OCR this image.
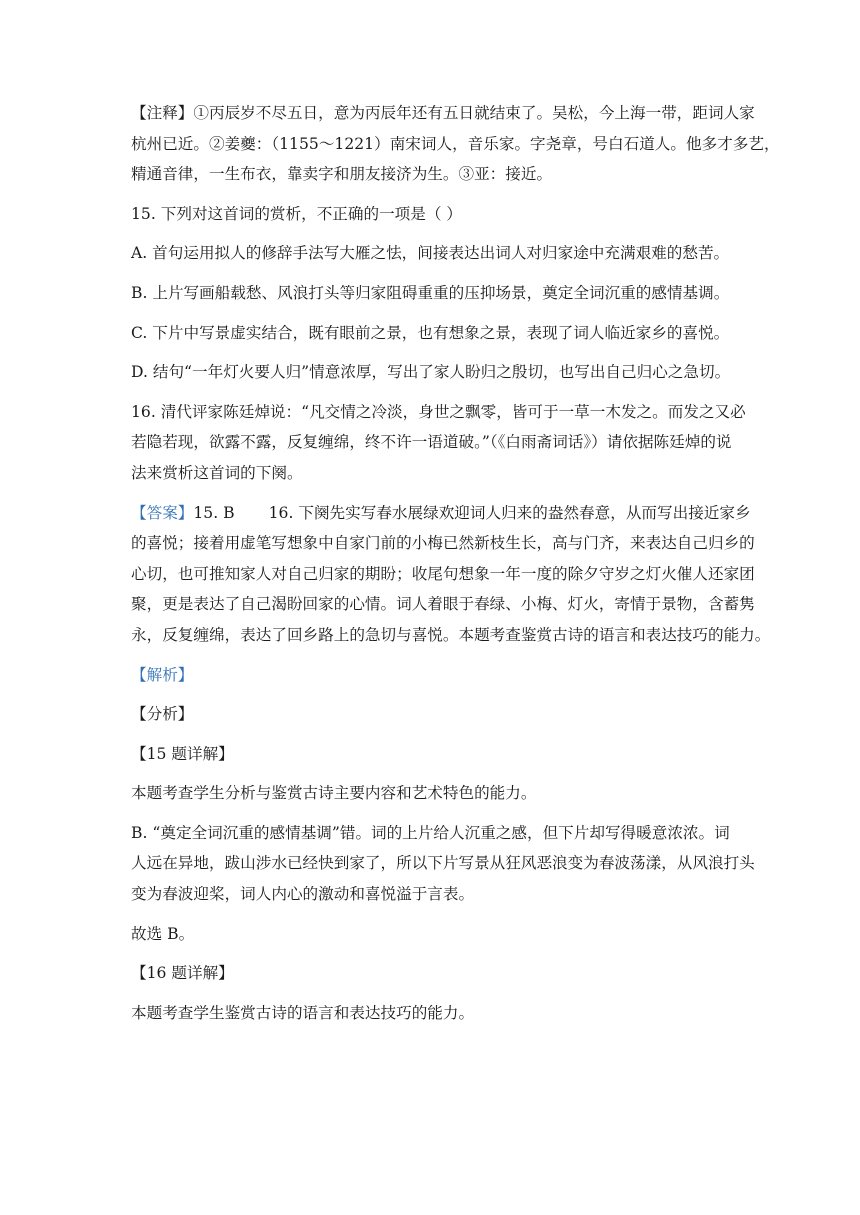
【注释】①丙辰岁不尽五日，意为丙辰年还有五日就结束了。吴松，今上海一带，距词人家
杭州已近。②姜夔：（1155～1221）南宋词人，音乐家。字尧章，号白石道人。他多才多艺，
精通音律，一生布衣，靠卖字和朋友接济为生。③亚：接近。
15. 下列对这首词的赏析，不正确的一项是（ ）
A. 首句运用拟人的修辞手法写大雁之怯，间接表达出词人对归家途中充满艰难的愁苦。
B. 上片写画船载愁、风浪打头等归家阻碍重重的压抑场景，奠定全词沉重的感情基调。
C. 下片中写景虚实结合，既有眼前之景，也有想象之景，表现了词人临近家乡的喜悦。
D. 结句“一年灯火要人归”情意浓厚，写出了家人盼归之殷切，也写出自己归心之急切。
16. 清代评家陈廷焯说：“凡交情之冷淡，身世之飘零，皆可于一草一木发之。而发之又必
若隐若现，欲露不露，反复缠绵，终不许一语道破。”（《白雨斋词话》）请依据陈廷焯的说
法来赏析这首词的下阕。
【答案】15. B 16. 下阕先实写春水展绿欢迎词人归来的盎然春意，从而写出接近家乡
的喜悦；接着用虚笔写想象中自家门前的小梅已然新枝生长，高与门齐，来表达自己归乡的
心切，也可推知家人对自己归家的期盼；收尾句想象一年一度的除夕守岁之灯火催人还家团
聚，更是表达了自己渴盼回家的心情。词人着眼于春绿、小梅、灯火，寄情于景物，含蓄隽
永，反复缠绵，表达了回乡路上的急切与喜悦。本题考查鉴赏古诗的语言和表达技巧的能力。
【解析】
【分析】
【15 题详解】
本题考查学生分析与鉴赏古诗主要内容和艺术特色的能力。
B. “奠定全词沉重的感情基调”错。词的上片给人沉重之感，但下片却写得暖意浓浓。词
人远在异地，跋山涉水已经快到家了，所以下片写景从狂风恶浪变为春波荡漾，从风浪打头
变为春波迎桨，词人内心的激动和喜悦溢于言表。
故选 B。
【16 题详解】
本题考查学生鉴赏古诗的语言和表达技巧的能力。
